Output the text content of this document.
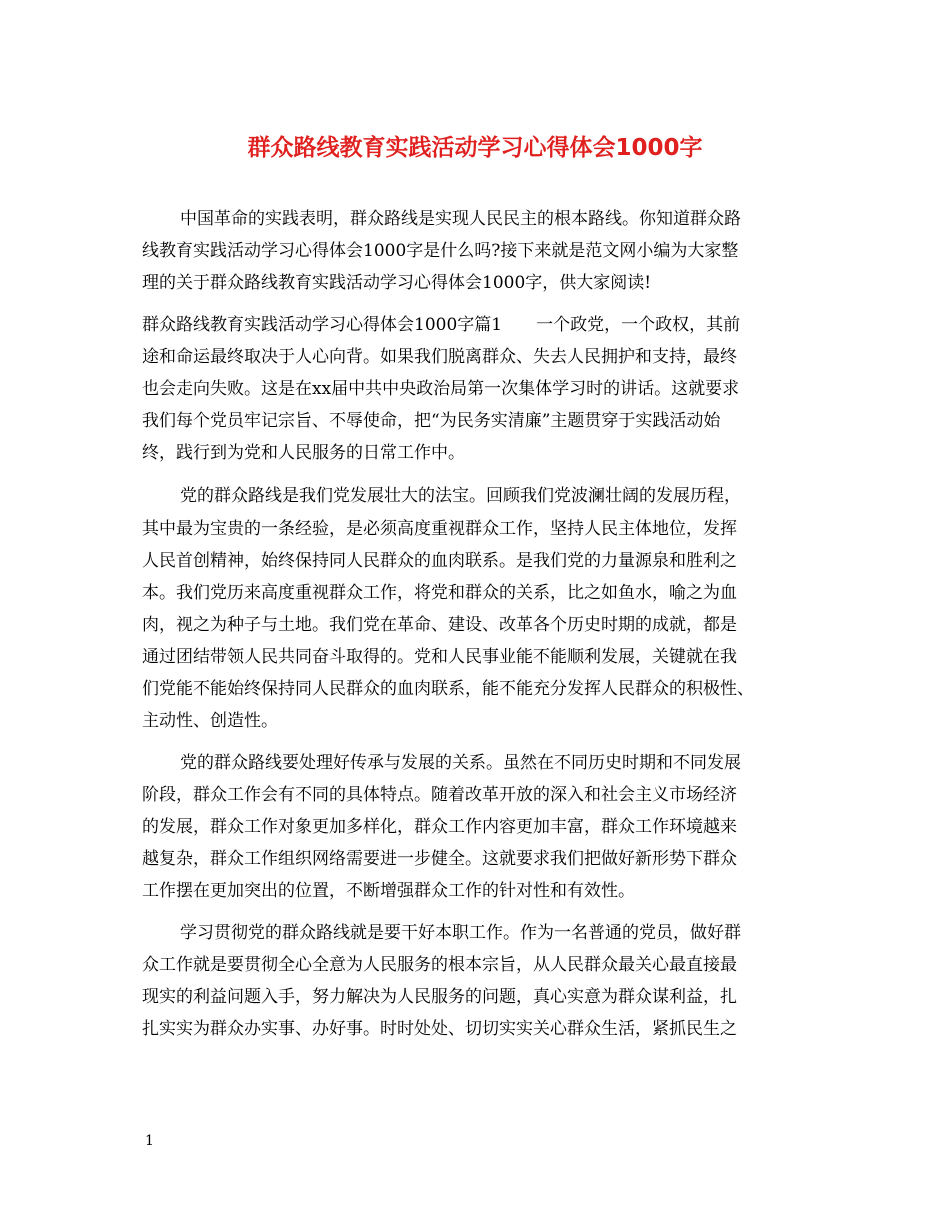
群众路线教育实践活动学习心得体会1000字

中国革命的实践表明，群众路线是实现人民民主的根本路线。你知道群众路

线教育实践活动学习心得体会1000字是什么吗?接下来就是范文网小编为大家整

理的关于群众路线教育实践活动学习心得体会1000字，供大家阅读!

群众路线教育实践活动学习心得体会1000字篇1　　一个政党，一个政权，其前

途和命运最终取决于人心向背。如果我们脱离群众、失去人民拥护和支持，最终

也会走向失败。这是在xx届中共中央政治局第一次集体学习时的讲话。这就要求

我们每个党员牢记宗旨、不辱使命，把“为民务实清廉”主题贯穿于实践活动始

终，践行到为党和人民服务的日常工作中。

党的群众路线是我们党发展壮大的法宝。回顾我们党波澜壮阔的发展历程，

其中最为宝贵的一条经验，是必须高度重视群众工作，坚持人民主体地位，发挥

人民首创精神，始终保持同人民群众的血肉联系。是我们党的力量源泉和胜利之

本。我们党历来高度重视群众工作，将党和群众的关系，比之如鱼水，喻之为血

肉，视之为种子与土地。我们党在革命、建设、改革各个历史时期的成就，都是

通过团结带领人民共同奋斗取得的。党和人民事业能不能顺利发展，关键就在我

们党能不能始终保持同人民群众的血肉联系，能不能充分发挥人民群众的积极性、

主动性、创造性。

党的群众路线要处理好传承与发展的关系。虽然在不同历史时期和不同发展

阶段，群众工作会有不同的具体特点。随着改革开放的深入和社会主义市场经济

的发展，群众工作对象更加多样化，群众工作内容更加丰富，群众工作环境越来

越复杂，群众工作组织网络需要进一步健全。这就要求我们把做好新形势下群众

工作摆在更加突出的位置，不断增强群众工作的针对性和有效性。

学习贯彻党的群众路线就是要干好本职工作。作为一名普通的党员，做好群

众工作就是要贯彻全心全意为人民服务的根本宗旨，从人民群众最关心最直接最

现实的利益问题入手，努力解决为人民服务的问题，真心实意为群众谋利益，扎

扎实实为群众办实事、办好事。时时处处、切切实实关心群众生活，紧抓民生之

1
